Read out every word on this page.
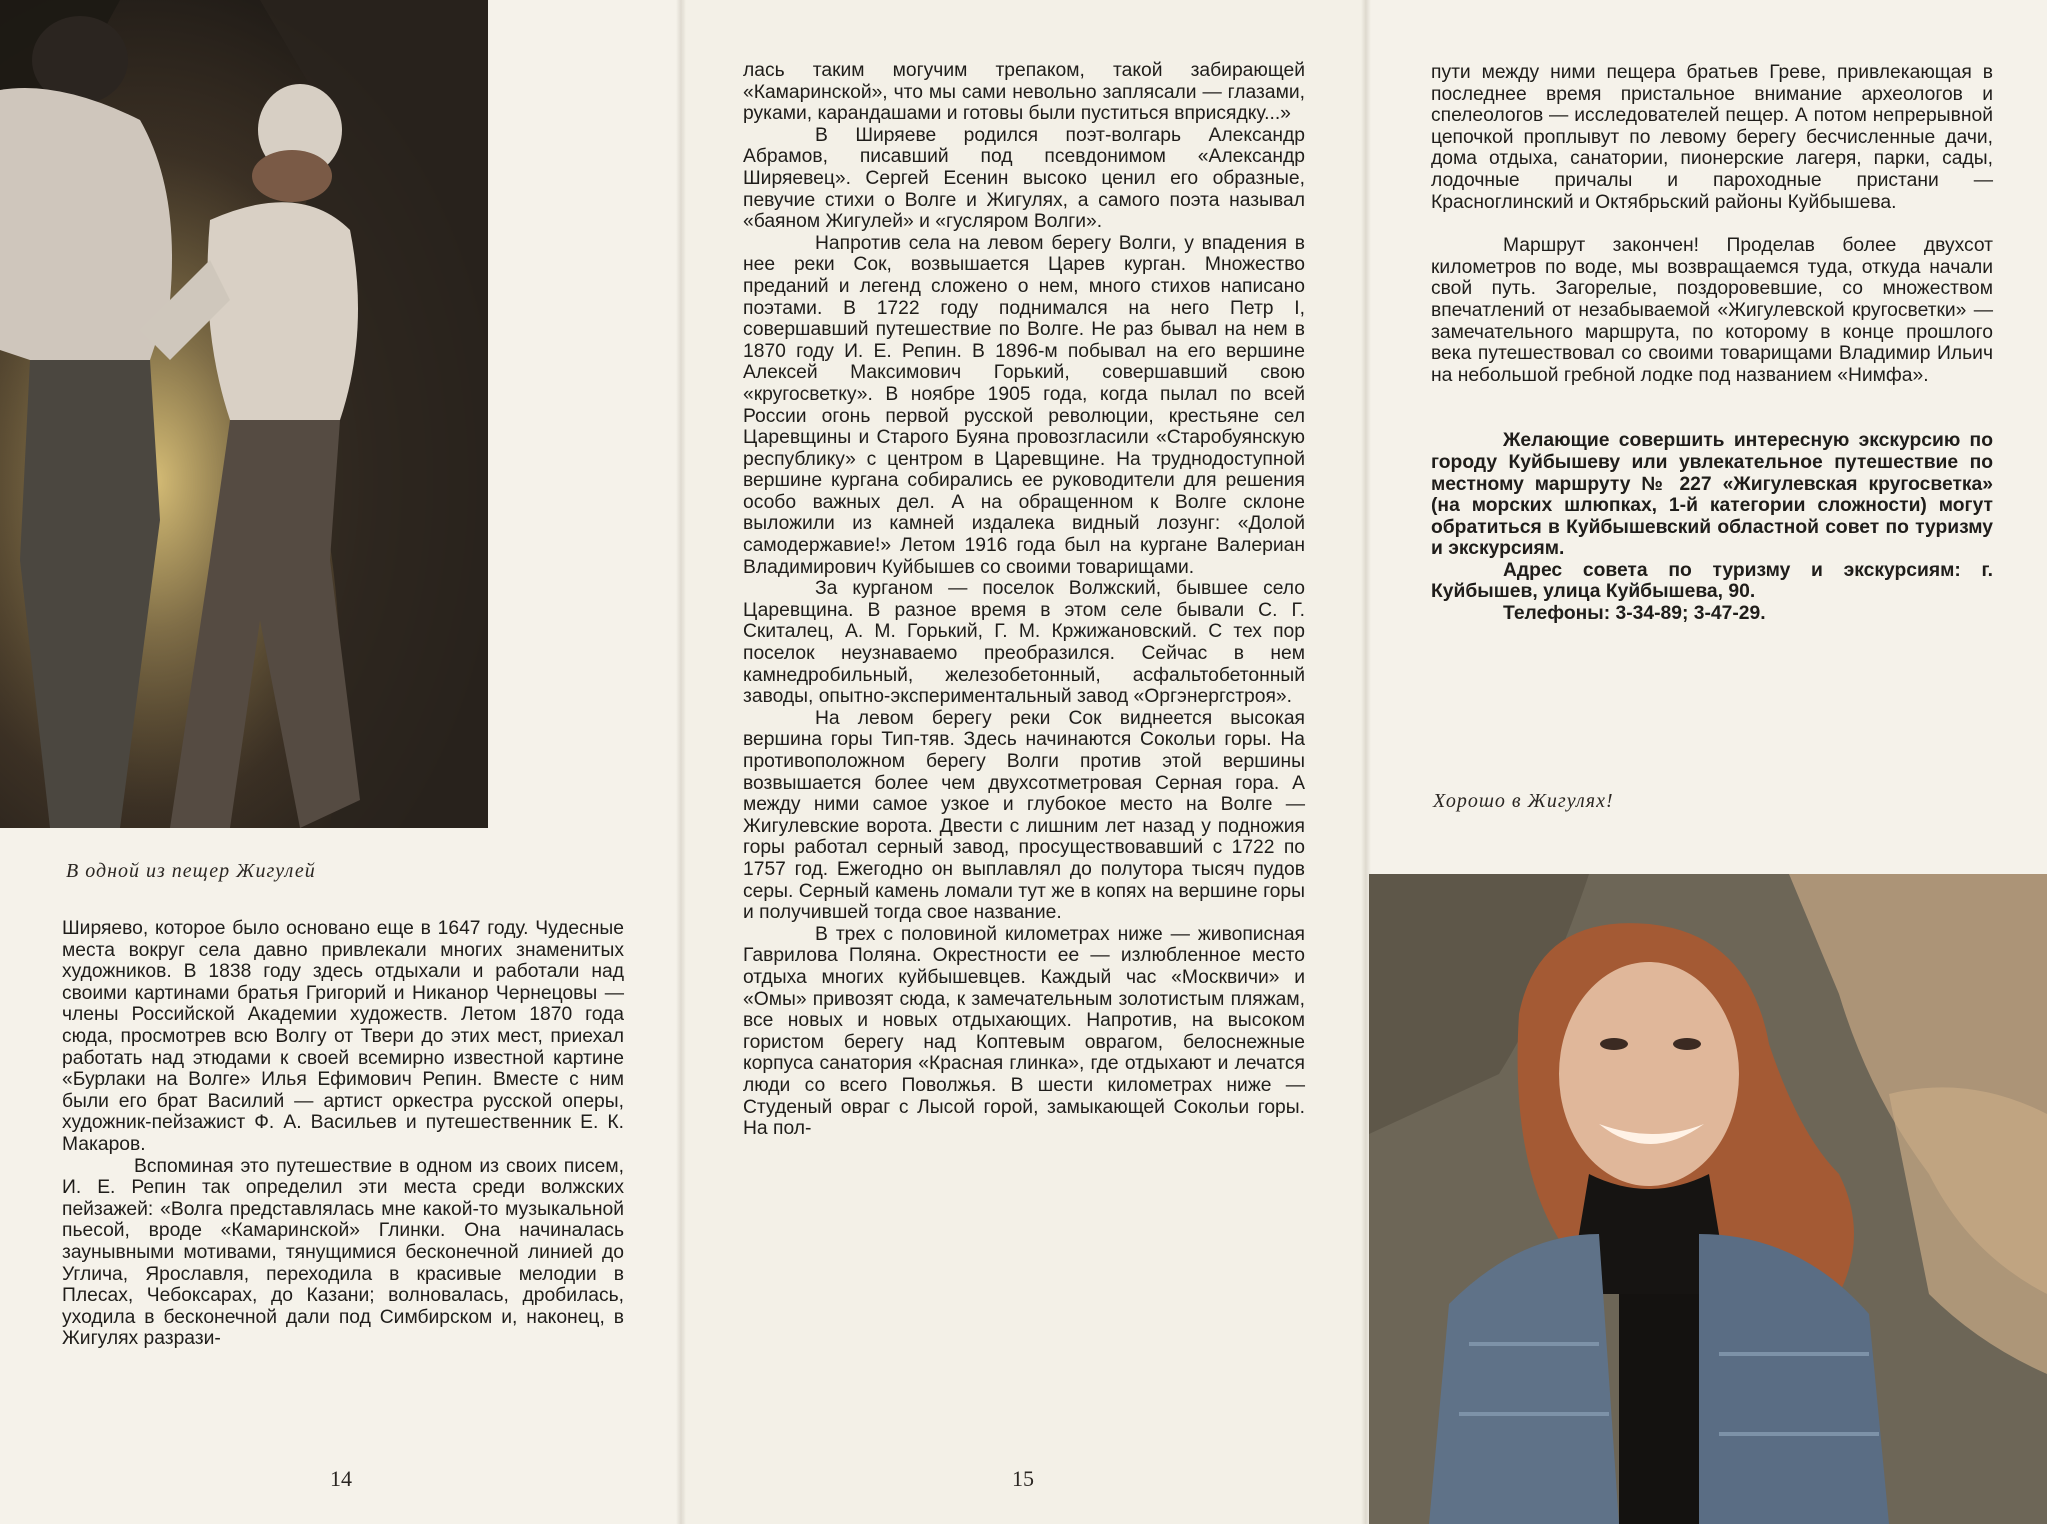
В одной из пещер Жигулей

Ширяево, которое было основано еще в 1647 году. Чудесные места вокруг села давно привлекали многих знаменитых художников. В 1838 году здесь отдыхали и работали над своими картинами братья Григорий и Никанор Чернецовы — члены Российской Академии художеств. Летом 1870 года сюда, просмотрев всю Волгу от Твери до этих мест, приехал работать над этюдами к своей всемирно известной картине «Бурлаки на Волге» Илья Ефимович Репин. Вместе с ним были его брат Василий — артист оркестра русской оперы, художник-пейзажист Ф. А. Васильев и путешественник Е. К. Макаров.

Вспоминая это путешествие в одном из своих писем, И. Е. Репин так определил эти места среди волжских пейзажей: «Волга представлялась мне какой-то музыкальной пьесой, вроде «Камаринской» Глинки. Она начиналась заунывными мотивами, тянущимися бесконечной линией до Углича, Ярославля, переходила в красивые мелодии в Плесах, Чебоксарах, до Казани; волновалась, дробилась, уходила в бесконечной дали под Симбирском и, наконец, в Жигулях разрази-

14

лась таким могучим трепаком, такой забирающей «Камаринской», что мы сами невольно заплясали — глазами, руками, карандашами и готовы были пуститься вприсядку...»

В Ширяеве родился поэт-волгарь Александр Абрамов, писавший под псевдонимом «Александр Ширяевец». Сергей Есенин высоко ценил его образные, певучие стихи о Волге и Жигулях, а самого поэта называл «баяном Жигулей» и «гусляром Волги».

Напротив села на левом берегу Волги, у впадения в нее реки Сок, возвышается Царев курган. Множество преданий и легенд сложено о нем, много стихов написано поэтами. В 1722 году поднимался на него Петр I, совершавший путешествие по Волге. Не раз бывал на нем в 1870 году И. Е. Репин. В 1896-м побывал на его вершине Алексей Максимович Горький, совершавший свою «кругосветку». В ноябре 1905 года, когда пылал по всей России огонь первой русской революции, крестьяне сел Царевщины и Старого Буяна провозгласили «Старобуянскую республику» с центром в Царевщине. На труднодоступной вершине кургана собирались ее руководители для решения особо важных дел. А на обращенном к Волге склоне выложили из камней издалека видный лозунг: «Долой самодержавие!» Летом 1916 года был на кургане Валериан Владимирович Куйбышев со своими товарищами.

За курганом — поселок Волжский, бывшее село Царевщина. В разное время в этом селе бывали С. Г. Скиталец, А. М. Горький, Г. М. Кржижановский. С тех пор поселок неузнаваемо преобразился. Сейчас в нем камнедробильный, железобетонный, асфальтобетонный заводы, опытно-экспериментальный завод «Оргэнергстроя».

На левом берегу реки Сок виднеется высокая вершина горы Тип-тяв. Здесь начинаются Сокольи горы. На противоположном берегу Волги против этой вершины возвышается более чем двухсотметровая Серная гора. А между ними самое узкое и глубокое место на Волге — Жигулевские ворота. Двести с лишним лет назад у подножия горы работал серный завод, просуществовавший с 1722 по 1757 год. Ежегодно он выплавлял до полутора тысяч пудов серы. Серный камень ломали тут же в копях на вершине горы и получившей тогда свое название.

В трех с половиной километрах ниже — живописная Гаврилова Поляна. Окрестности ее — излюбленное место отдыха многих куйбышевцев. Каждый час «Москвичи» и «Омы» привозят сюда, к замечательным золотистым пляжам, все новых и новых отдыхающих. Напротив, на высоком гористом берегу над Коптевым оврагом, белоснежные корпуса санатория «Красная глинка», где отдыхают и лечатся люди со всего Поволжья. В шести километрах ниже — Студеный овраг с Лысой горой, замыкающей Сокольи горы. На пол-

15

пути между ними пещера братьев Греве, привлекающая в последнее время пристальное внимание археологов и спелеологов — исследователей пещер. А потом непрерывной цепочкой проплывут по левому берегу бесчисленные дачи, дома отдыха, санатории, пионерские лагеря, парки, сады, лодочные причалы и пароходные пристани — Красноглинский и Октябрьский районы Куйбышева.

Маршрут закончен! Проделав более двухсот километров по воде, мы возвращаемся туда, откуда начали свой путь. Загорелые, поздоровевшие, со множеством впечатлений от незабываемой «Жигулевской кругосветки» — замечательного маршрута, по которому в конце прошлого века путешествовал со своими товарищами Владимир Ильич на небольшой гребной лодке под названием «Нимфа».

Желающие совершить интересную экскурсию по городу Куйбышеву или увлекательное путешествие по местному маршруту № 227 «Жигулевская кругосветка» (на морских шлюпках, 1-й категории сложности) могут обратиться в Куйбышевский областной совет по туризму и экскурсиям.

Адрес совета по туризму и экскурсиям: г. Куйбышев, улица Куйбышева, 90.

Телефоны: 3-34-89; 3-47-29.

Хорошо в Жигулях!
